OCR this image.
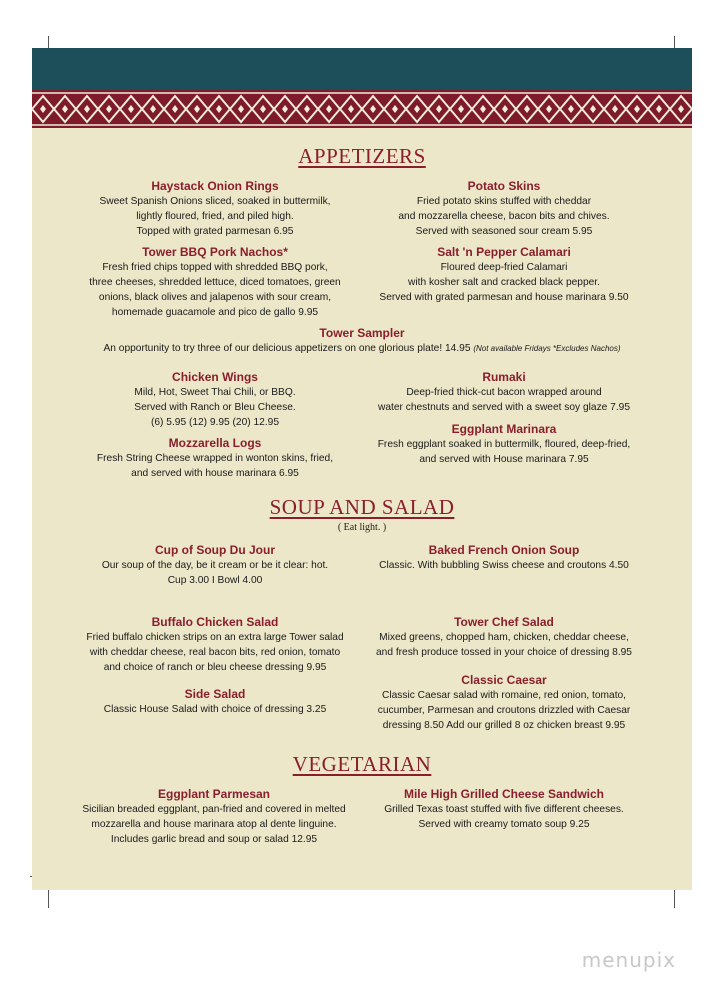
APPETIZERS
Haystack Onion Rings
Sweet Spanish Onions sliced, soaked in buttermilk,
lightly floured, fried, and piled high.
Topped with grated parmesan 6.95
Potato Skins
Fried potato skins stuffed with cheddar
and mozzarella cheese, bacon bits and chives.
Served with seasoned sour cream 5.95
Tower BBQ Pork Nachos*
Fresh fried chips topped with shredded BBQ pork,
three cheeses, shredded lettuce, diced tomatoes, green
onions, black olives and jalapenos with sour cream,
homemade guacamole and pico de gallo 9.95
Salt 'n Pepper Calamari
Floured deep-fried Calamari
with kosher salt and cracked black pepper.
Served with grated parmesan and house marinara 9.50
Tower Sampler
An opportunity to try three of our delicious appetizers on one glorious plate! 14.95 (Not available Fridays *Excludes Nachos)
Chicken Wings
Mild, Hot, Sweet Thai Chili, or BBQ.
Served with Ranch or Bleu Cheese.
(6) 5.95 (12) 9.95 (20) 12.95
Rumaki
Deep-fried thick-cut bacon wrapped around
water chestnuts and served with a sweet soy glaze 7.95
Eggplant Marinara
Fresh eggplant soaked in buttermilk, floured, deep-fried,
and served with House marinara 7.95
Mozzarella Logs
Fresh String Cheese wrapped in wonton skins, fried,
and served with house marinara 6.95
SOUP AND SALAD
( Eat light. )
Cup of Soup Du Jour
Our soup of the day, be it cream or be it clear: hot.
Cup 3.00 I Bowl 4.00
Baked French Onion Soup
Classic. With bubbling Swiss cheese and croutons 4.50
Buffalo Chicken Salad
Fried buffalo chicken strips on an extra large Tower salad
with cheddar cheese, real bacon bits, red onion, tomato
and choice of ranch or bleu cheese dressing 9.95
Tower Chef Salad
Mixed greens, chopped ham, chicken, cheddar cheese,
and fresh produce tossed in your choice of dressing 8.95
Classic Caesar
Classic Caesar salad with romaine, red onion, tomato,
cucumber, Parmesan and croutons drizzled with Caesar
dressing 8.50 Add our grilled 8 oz chicken breast 9.95
Side Salad
Classic House Salad with choice of dressing 3.25
VEGETARIAN
Eggplant Parmesan
Sicilian breaded eggplant, pan-fried and covered in melted
mozzarella and house marinara atop al dente linguine.
Includes garlic bread and soup or salad 12.95
Mile High Grilled Cheese Sandwich
Grilled Texas toast stuffed with five different cheeses.
Served with creamy tomato soup 9.25
menupix
